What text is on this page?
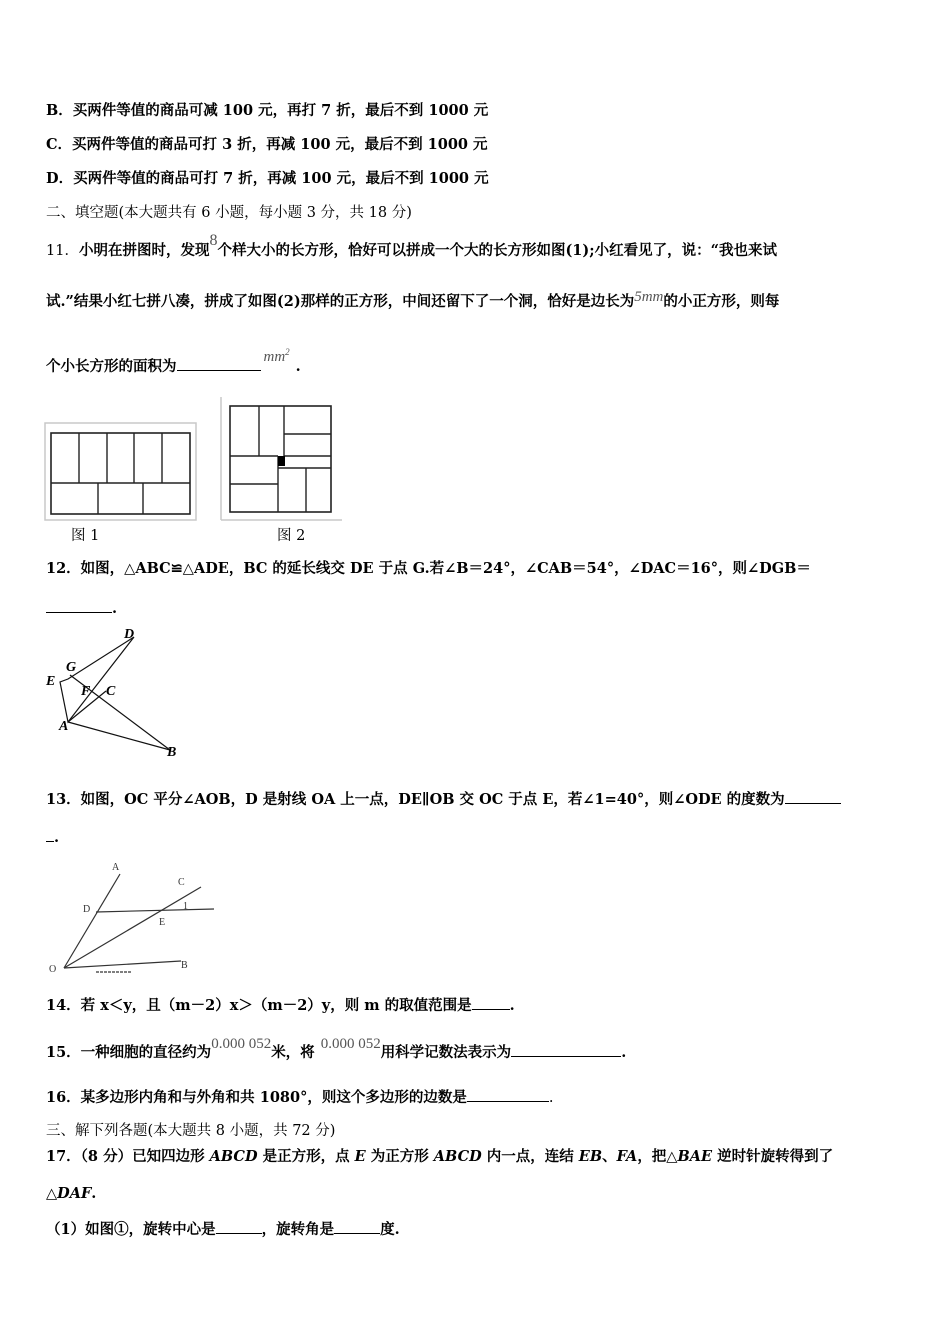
B．买两件等值的商品可减 100 元，再打 7 折，最后不到 1000 元
C．买两件等值的商品可打 3 折，再减 100 元，最后不到 1000 元
D．买两件等值的商品可打 7 折，再减 100 元，最后不到 1000 元
二、填空题(本大题共有 6 小题，每小题 3 分，共 18 分)
11．小明在拼图时，发现8个样大小的长方形，恰好可以拼成一个大的长方形如图(1);小红看见了，说：“我也来试
试.”结果小红七拼八凑，拼成了如图(2)那样的正方形，中间还留下了一个洞，恰好是边长为5mm的小正方形，则每
个小长方形的面积为$mm^2$.
图 1	图 2
12．如图，△ABC≌△ADE，BC 的延长线交 DE 于点 G.若∠B＝24°，∠CAB＝54°，∠DAC＝16°，则∠DGB＝
.
D
G
E
F C
A
B
13．如图，OC 平分∠AOB，D 是射线 OA 上一点，DE∥OB 交 OC 于点 E，若∠1=40°，则∠ODE 的度数为
.
A
C
D	1
E
O	B
14．若 x＜y，且（m－2）x＞（m－2）y，则 m 的取值范围是	.
15．一种细胞的直径约为0.000 052米，将 0.000 052用科学记数法表示为	.
16．某多边形内角和与外角和共 1080°，则这个多边形的边数是	.
三、解下列各题(本大题共 8 小题，共 72 分)
17．（8 分）已知四边形 ABCD 是正方形，点 E 为正方形 ABCD 内一点，连结 EB、FA，把△BAE 逆时针旋转得到了
△DAF.
（1）如图①，旋转中心是	，旋转角是	度.
